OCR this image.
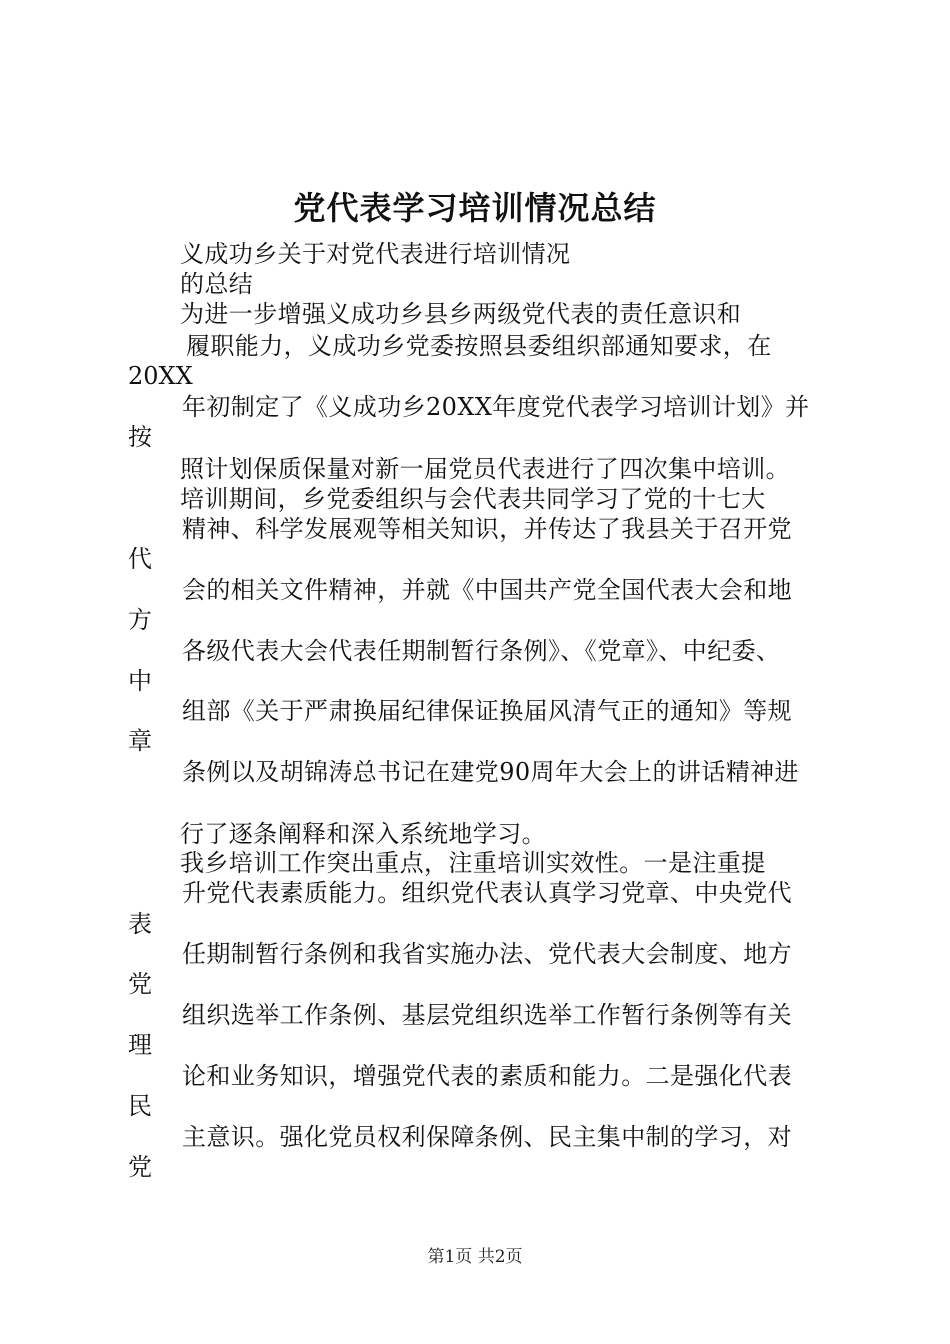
党代表学习培训情况总结
义成功乡关于对党代表进行培训情况
的总结
为进一步增强义成功乡县乡两级党代表的责任意识和
履职能力，义成功乡党委按照县委组织部通知要求，在
20XX
年初制定了《义成功乡20XX年度党代表学习培训计划》并
按
照计划保质保量对新一届党员代表进行了四次集中培训。
培训期间，乡党委组织与会代表共同学习了党的十七大
精神、科学发展观等相关知识，并传达了我县关于召开党
代
会的相关文件精神，并就《中国共产党全国代表大会和地
方
各级代表大会代表任期制暂行条例》、《党章》、中纪委、
中
组部《关于严肃换届纪律保证换届风清气正的通知》等规
章
条例以及胡锦涛总书记在建党90周年大会上的讲话精神进
行了逐条阐释和深入系统地学习。
我乡培训工作突出重点，注重培训实效性。一是注重提
升党代表素质能力。组织党代表认真学习党章、中央党代
表
任期制暂行条例和我省实施办法、党代表大会制度、地方
党
组织选举工作条例、基层党组织选举工作暂行条例等有关
理
论和业务知识，增强党代表的素质和能力。二是强化代表
民
主意识。强化党员权利保障条例、民主集中制的学习，对
党
第1页 共2页
